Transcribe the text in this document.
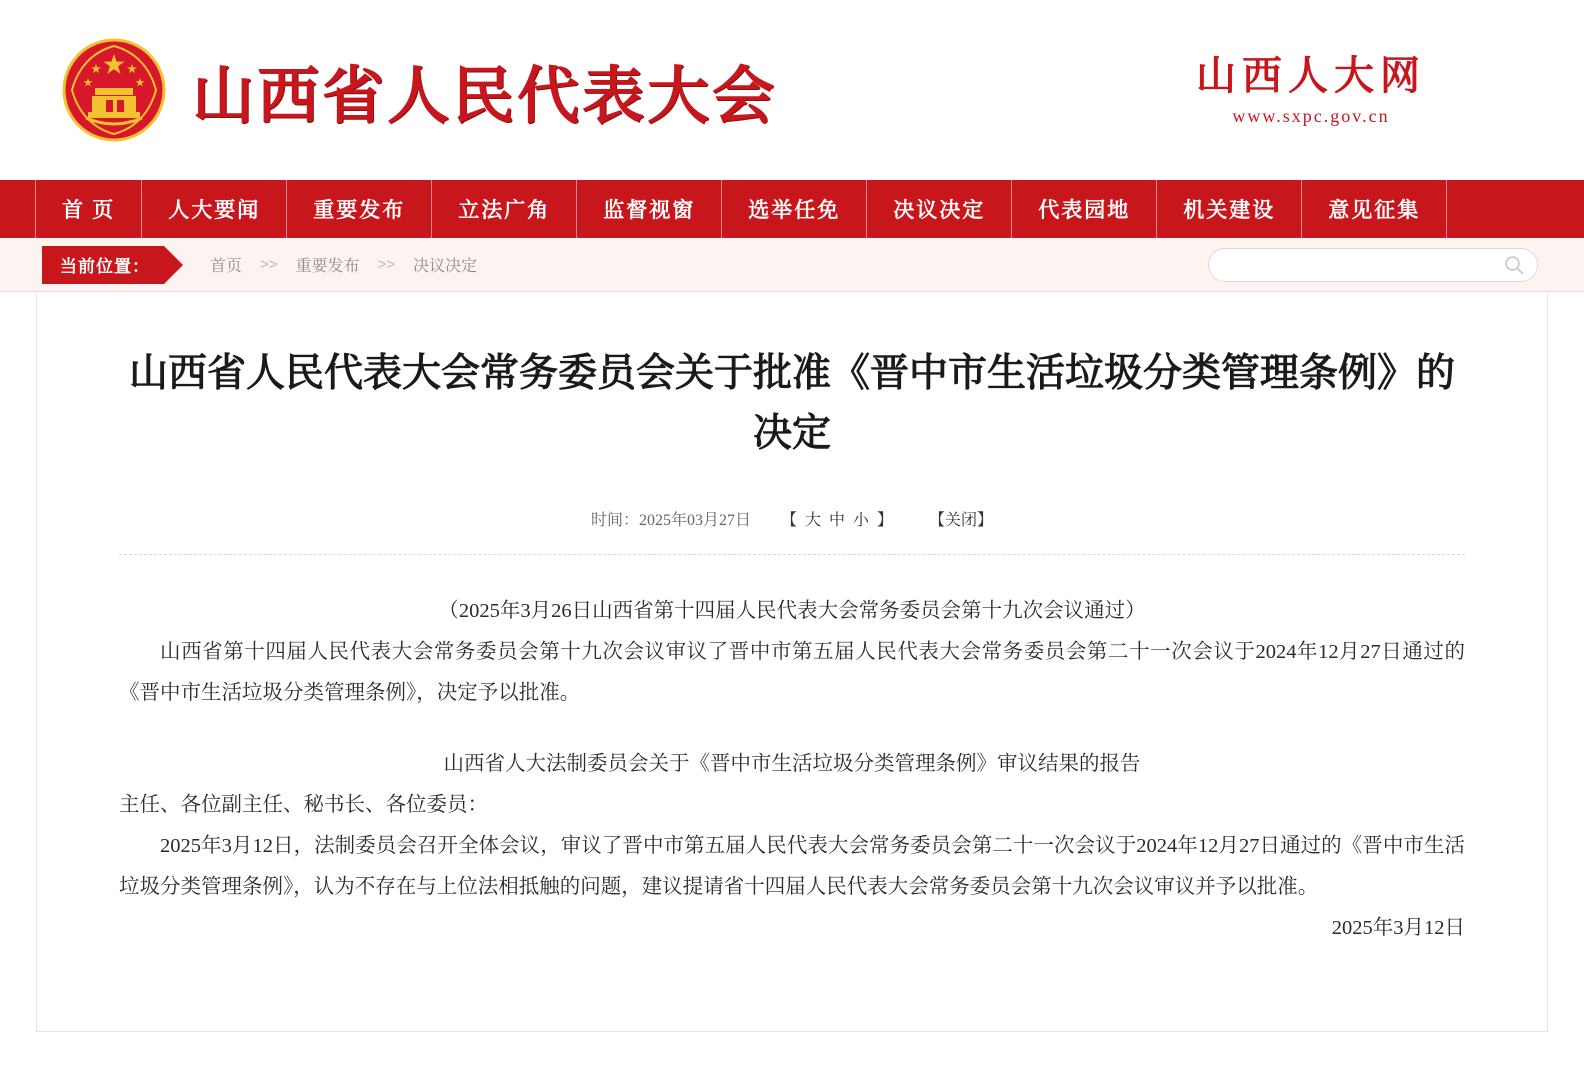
山西省人民代表大会	山西人大网
www.sxpc.gov.cn
首 页	人大要闻	重要发布	立法广角	监督视窗	选举任免	决议决定	代表园地	机关建设	意见征集
当前位置：	首页 >> 重要发布 >> 决议决定
山西省人民代表大会常务委员会关于批准《晋中市生活垃圾分类管理条例》的决定
时间：2025年03月27日 【 大 中 小 】 【关闭】

（2025年3月26日山西省第十四届人民代表大会常务委员会第十九次会议通过）

山西省第十四届人民代表大会常务委员会第十九次会议审议了晋中市第五届人民代表大会常务委员会第二十一次会议于2024年12月27日通过的《晋中市生活垃圾分类管理条例》，决定予以批准。

山西省人大法制委员会关于《晋中市生活垃圾分类管理条例》审议结果的报告

主任、各位副主任、秘书长、各位委员：

2025年3月12日，法制委员会召开全体会议，审议了晋中市第五届人民代表大会常务委员会第二十一次会议于2024年12月27日通过的《晋中市生活垃圾分类管理条例》，认为不存在与上位法相抵触的问题，建议提请省十四届人民代表大会常务委员会第十九次会议审议并予以批准。

2025年3月12日
